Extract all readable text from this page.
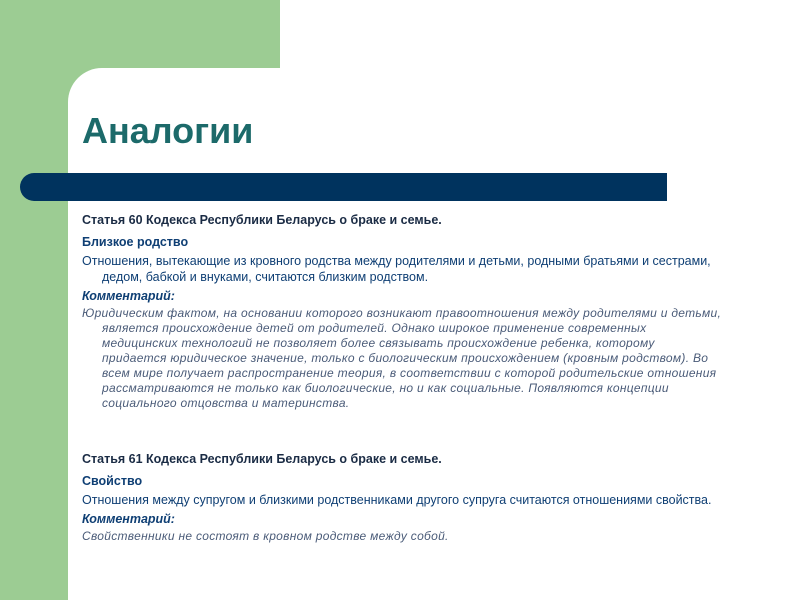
Аналогии

Статья 60 Кодекса Республики Беларусь о браке и семье.

Близкое родство

Отношения, вытекающие из кровного родства между родителями и детьми, родными братьями и сестрами, дедом, бабкой и внуками, считаются близким родством.

Комментарий:

Юридическим фактом, на основании которого возникают правоотношения между родителями и детьми, является происхождение детей от родителей. Однако широкое применение современных медицинских технологий не позволяет более связывать происхождение ребенка, которому придается юридическое значение, только с биологическим происхождением (кровным родством). Во всем мире получает распространение теория, в соответствии с которой родительские отношения рассматриваются не только как биологические, но и как социальные. Появляются концепции социального отцовства и материнства.

Статья 61 Кодекса Республики Беларусь о браке и семье.

Свойство

Отношения между супругом и близкими родственниками другого супруга считаются отношениями свойства.

Комментарий:

Свойственники не состоят в кровном родстве между собой.
